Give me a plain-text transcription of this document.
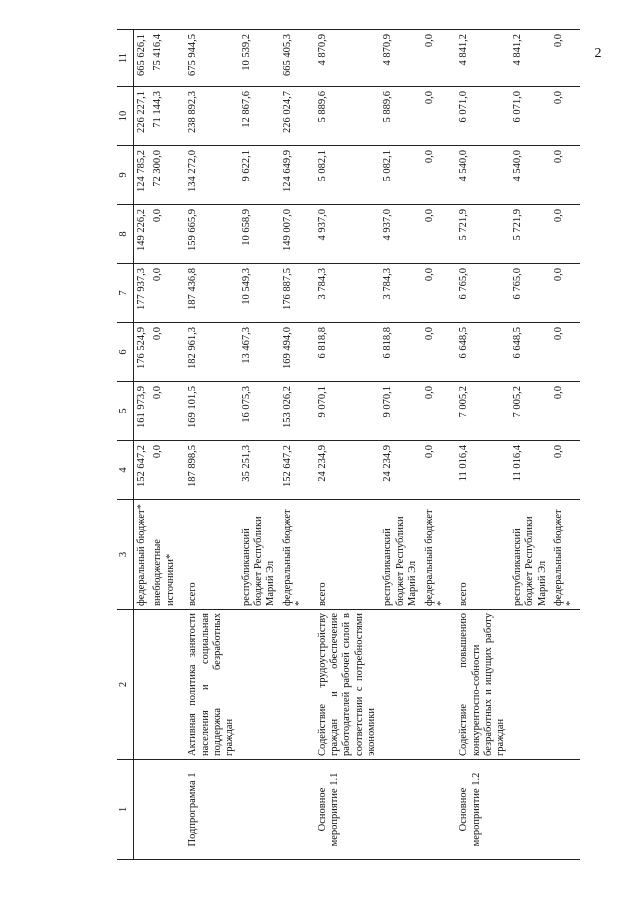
2
1	2	3	4	5	6	7	8	9	10	11
		федеральный бюджет*	152 647,2	161 973,9	176 524,9	177 937,3	149 226,2	124 785,2	226 227,1	665 626,1
		внебюджетные источники*	0,0	0,0	0,0	0,0	0,0	72 300,0	71 144,3	75 416,4
Подпрограмма 1	Активная политика занятости населения и социальная поддержка безработных граждан	всего	187 898,5	169 101,5	182 961,3	187 436,8	159 665,9	134 272,0	238 892,3	675 944,5
		республиканский бюджет Республики Марий Эл	35 251,3	16 075,3	13 467,3	10 549,3	10 658,9	9 622,1	12 867,6	10 539,2
		федеральный бюджет *	152 647,2	153 026,2	169 494,0	176 887,5	149 007,0	124 649,9	226 024,7	665 405,3
Основное мероприятие 1.1	Содействие трудоустройству граждан и обеспечение работодателей рабочей силой в соответствии с потребностями экономики	всего	24 234,9	9 070,1	6 818,8	3 784,3	4 937,0	5 082,1	5 889,6	4 870,9
		республиканский бюджет Республики Марий Эл	24 234,9	9 070,1	6 818,8	3 784,3	4 937,0	5 082,1	5 889,6	4 870,9
		федеральный бюджет *	0,0	0,0	0,0	0,0	0,0	0,0	0,0	0,0
Основное мероприятие 1.2	Содействие повышению конкурентоспо-собности безработных и ищущих работу граждан	всего	11 016,4	7 005,2	6 648,5	6 765,0	5 721,9	4 540,0	6 071,0	4 841,2
		республиканский бюджет Республики Марий Эл	11 016,4	7 005,2	6 648,5	6 765,0	5 721,9	4 540,0	6 071,0	4 841,2
		федеральный бюджет *	0,0	0,0	0,0	0,0	0,0	0,0	0,0	0,0
